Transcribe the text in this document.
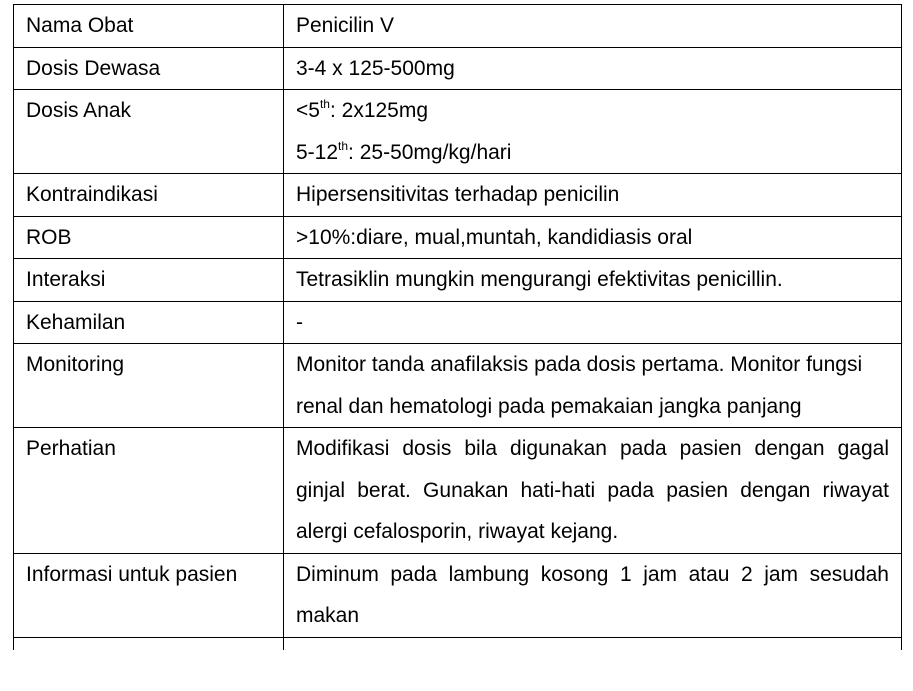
Nama Obat	Penicilin V
Dosis Dewasa	3-4 x 125-500mg
Dosis Anak	<5th: 2x125mg

5-12th: 25-50mg/kg/hari

Kontraindikasi	Hipersensitivitas terhadap penicilin
ROB	>10%:diare, mual,muntah, kandidiasis oral
Interaksi	Tetrasiklin mungkin mengurangi efektivitas penicillin.
Kehamilan	-
Monitoring	Monitor tanda anafilaksis pada dosis pertama. Monitor fungsi renal dan hematologi pada pemakaian jangka panjang

Perhatian	Modifikasi dosis bila digunakan pada pasien dengan gagal ginjal berat. Gunakan hati-hati pada pasien dengan riwayat alergi cefalosporin, riwayat kejang.

Informasi untuk pasien	Diminum pada lambung kosong 1 jam atau 2 jam sesudah makan
